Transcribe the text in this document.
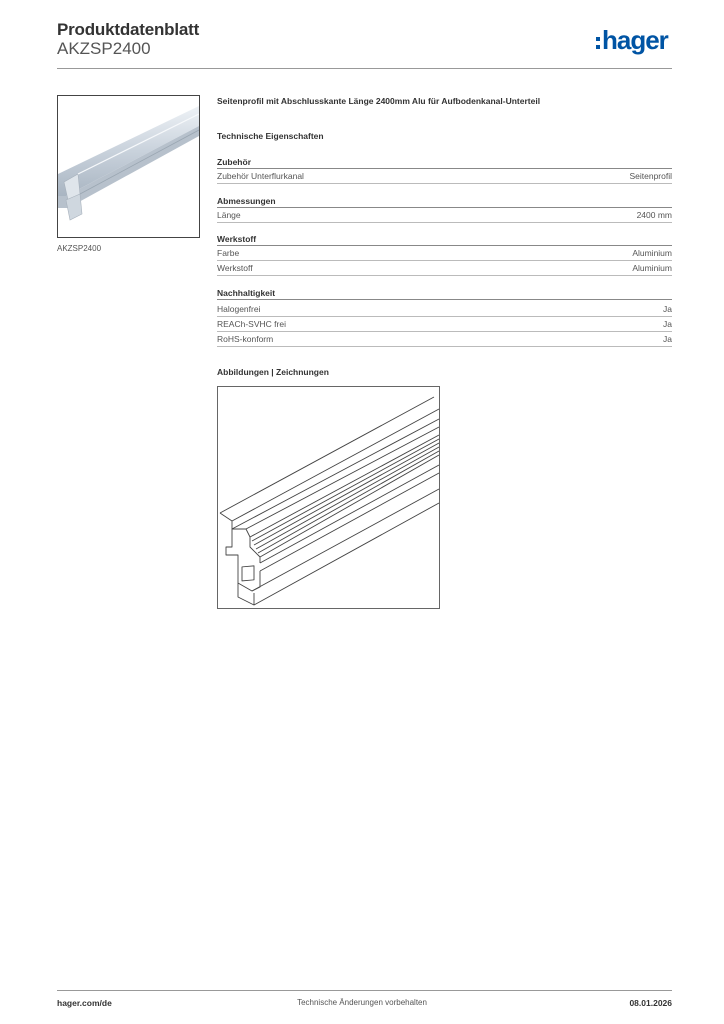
Produktdatenblatt
AKZSP2400	hager
AKZSP2400
Seitenprofil mit Abschlusskante Länge 2400mm Alu für Aufbodenkanal-Unterteil
Technische Eigenschaften
Zubehör
Zubehör Unterflurkanal	Seitenprofil
Abmessungen
Länge	2400 mm
Werkstoff
Farbe	Aluminium
Werkstoff	Aluminium
Nachhaltigkeit
Halogenfrei	Ja
REACh-SVHC frei	Ja
RoHS-konform	Ja
Abbildungen | Zeichnungen
hager.com/de	Technische Änderungen vorbehalten	08.01.2026
